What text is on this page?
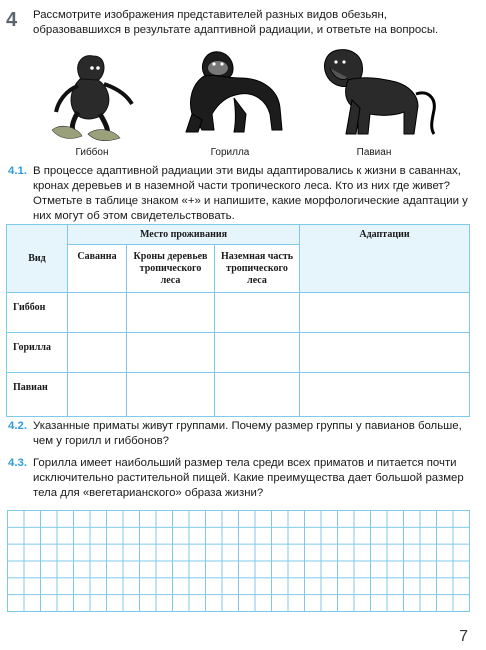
4 Рассмотрите изображения представителей разных видов обезьян, образовавшихся в результате адаптивной радиации, и ответьте на вопросы.
Гиббон	Горилла	Павиан
4.1. В процессе адаптивной радиации эти виды адаптировались к жизни в саваннах, кронах деревьев и в наземной части тропического леса. Кто из них где живет? Отметьте в таблице знаком «+» и напишите, какие морфологические адаптации у них могут об этом свидетельствовать.
Вид	Место проживания			Адаптации
	Саванна	Кроны деревьев тропического леса	Наземная часть тропического леса	
Гиббон				
Горилла				
Павиан				
4.2. Указанные приматы живут группами. Почему размер группы у павианов больше, чем у горилл и гиббонов?
4.3. Горилла имеет наибольший размер тела среди всех приматов и питается почти исключительно растительной пищей. Какие преимущества дает большой размер тела для «вегетарианского» образа жизни?
7
